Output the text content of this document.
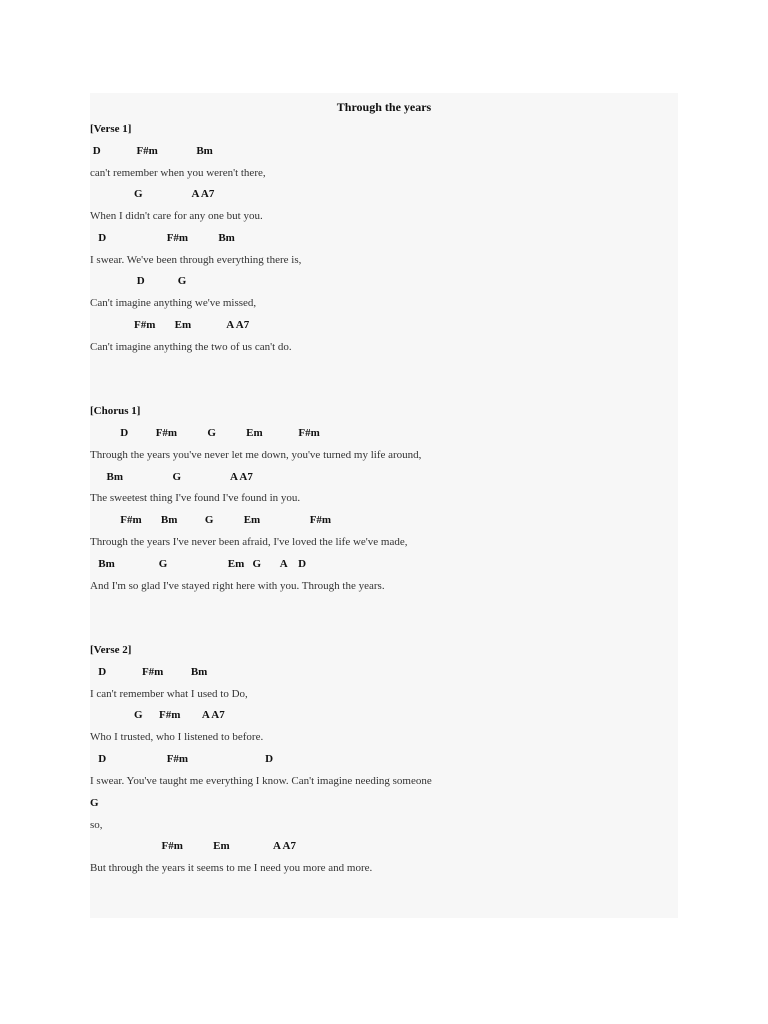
Through the years
[Verse 1]
D             F#m              Bm
can't remember when you weren't there,
G                  A A7
When I didn't care for any one but you.
D                      F#m           Bm
I swear. We've been through everything there is,
D            G
Can't imagine anything we've missed,
F#m       Em             A A7
Can't imagine anything the two of us can't do.
[Chorus 1]
D          F#m           G           Em             F#m
Through the years you've never let me down, you've turned my life around,
Bm                  G                  A A7
The sweetest thing I've found I've found in you.
F#m       Bm          G           Em                  F#m
Through the years I've never been afraid, I've loved the life we've made,
Bm                G                      Em   G       A    D
And I'm so glad I've stayed right here with you. Through the years.
[Verse 2]
D             F#m          Bm
I can't remember what I used to Do,
G      F#m        A A7
Who I trusted, who I listened to before.
D                      F#m                            D
I swear. You've taught me everything I know. Can't imagine needing someone
G
so,
F#m           Em                A A7
But through the years it seems to me I need you more and more.
